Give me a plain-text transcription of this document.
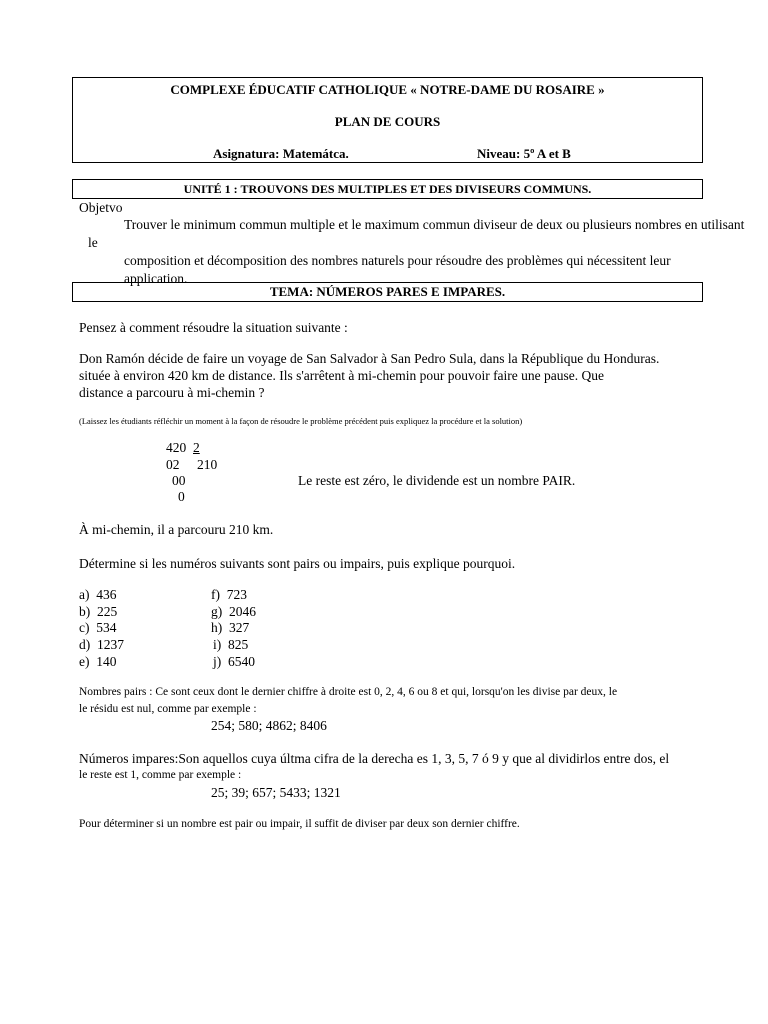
COMPLEXE ÉDUCATIF CATHOLIQUE « NOTRE-DAME DU ROSAIRE »
PLAN DE COURS
Asignatura: Matemátca.	Niveau: 5º A et B
UNITÉ 1 : TROUVONS DES MULTIPLES ET DES DIVISEURS COMMUNS.
Objetvo
Trouver le minimum commun multiple et le maximum commun diviseur de deux ou plusieurs nombres en utilisant le
composition et décomposition des nombres naturels pour résoudre des problèmes qui nécessitent leur
application.
TEMA: NÚMEROS PARES E IMPARES.
Pensez à comment résoudre la situation suivante :
Don Ramón décide de faire un voyage de San Salvador à San Pedro Sula, dans la République du Honduras.
située à environ 420 km de distance. Ils s'arrêtent à mi-chemin pour pouvoir faire une pause. Que
distance a parcouru à mi-chemin ?
(Laissez les étudiants réfléchir un moment à la façon de résoudre le problème précédent puis expliquez la procédure et la solution)
420 2
02 210
00
0
Le reste est zéro, le dividende est un nombre PAIR.
À mi-chemin, il a parcouru 210 km.
Détermine si les numéros suivants sont pairs ou impairs, puis explique pourquoi.
a) 436
b) 225
c) 534
d) 1237
e) 140
f) 723
g) 2046
h) 327
i) 825
j) 6540
Nombres pairs : Ce sont ceux dont le dernier chiffre à droite est 0, 2, 4, 6 ou 8 et qui, lorsqu'on les divise par deux, le
le résidu est nul, comme par exemple :
254; 580; 4862; 8406
Números impares:Son aquellos cuya últma cifra de la derecha es 1, 3, 5, 7 ó 9 y que al dividirlos entre dos, el
le reste est 1, comme par exemple :
25; 39; 657; 5433; 1321
Pour déterminer si un nombre est pair ou impair, il suffit de diviser par deux son dernier chiffre.
